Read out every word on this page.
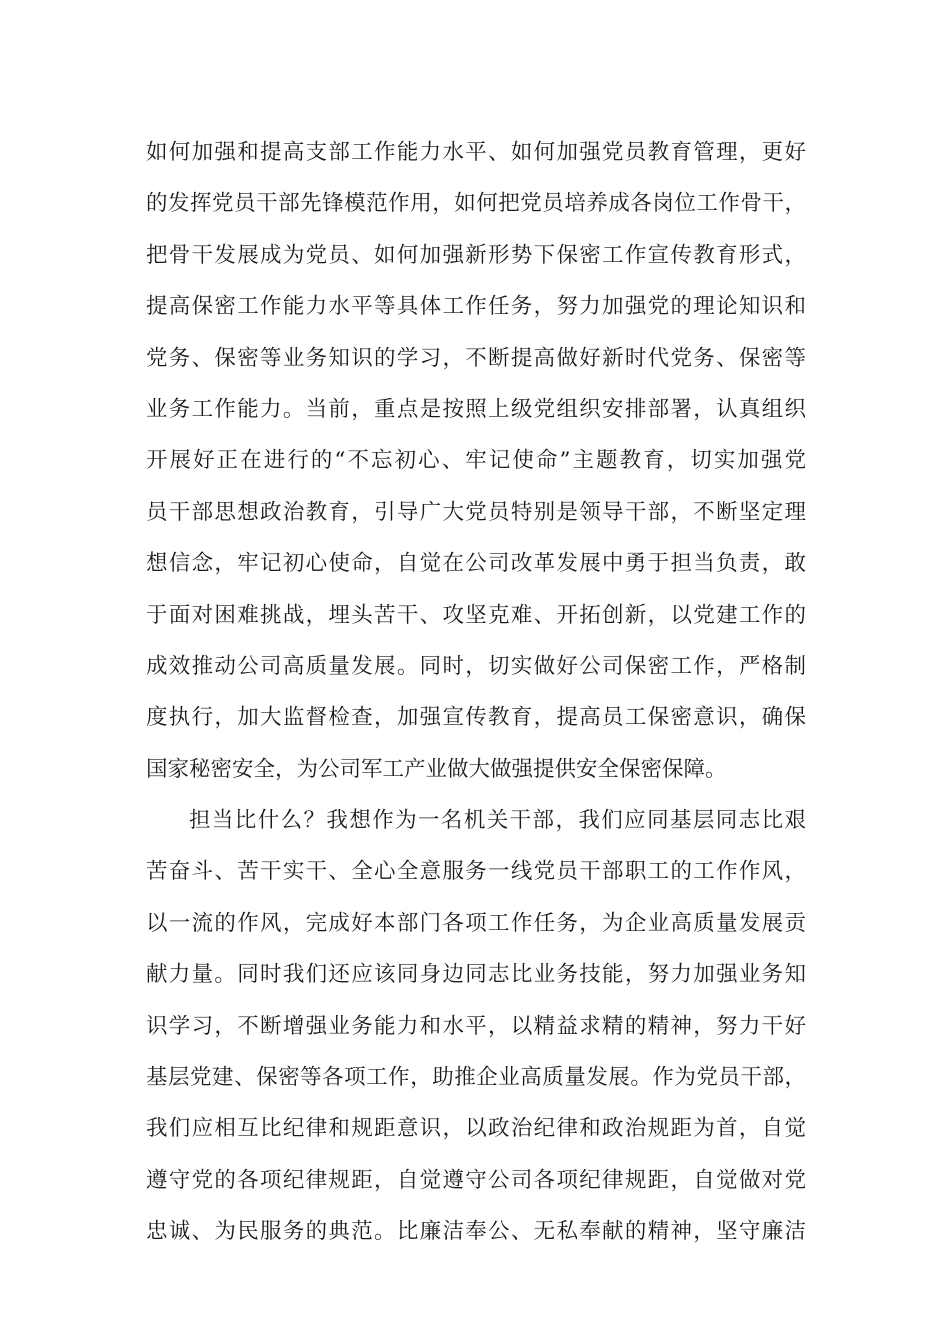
如何加强和提高支部工作能力水平、如何加强党员教育管理，更好
的发挥党员干部先锋模范作用，如何把党员培养成各岗位工作骨干，
把骨干发展成为党员、如何加强新形势下保密工作宣传教育形式，
提高保密工作能力水平等具体工作任务，努力加强党的理论知识和
党务、保密等业务知识的学习，不断提高做好新时代党务、保密等
业务工作能力。当前，重点是按照上级党组织安排部署，认真组织
开展好正在进行的“不忘初心、牢记使命”主题教育，切实加强党
员干部思想政治教育，引导广大党员特别是领导干部，不断坚定理
想信念，牢记初心使命，自觉在公司改革发展中勇于担当负责，敢
于面对困难挑战，埋头苦干、攻坚克难、开拓创新，以党建工作的
成效推动公司高质量发展。同时，切实做好公司保密工作，严格制
度执行，加大监督检查，加强宣传教育，提高员工保密意识，确保
国家秘密安全，为公司军工产业做大做强提供安全保密保障。
担当比什么？我想作为一名机关干部，我们应同基层同志比艰
苦奋斗、苦干实干、全心全意服务一线党员干部职工的工作作风，
以一流的作风，完成好本部门各项工作任务，为企业高质量发展贡
献力量。同时我们还应该同身边同志比业务技能，努力加强业务知
识学习，不断增强业务能力和水平，以精益求精的精神，努力干好
基层党建、保密等各项工作，助推企业高质量发展。作为党员干部，
我们应相互比纪律和规距意识，以政治纪律和政治规距为首，自觉
遵守党的各项纪律规距，自觉遵守公司各项纪律规距，自觉做对党
忠诚、为民服务的典范。比廉洁奉公、无私奉献的精神，坚守廉洁
